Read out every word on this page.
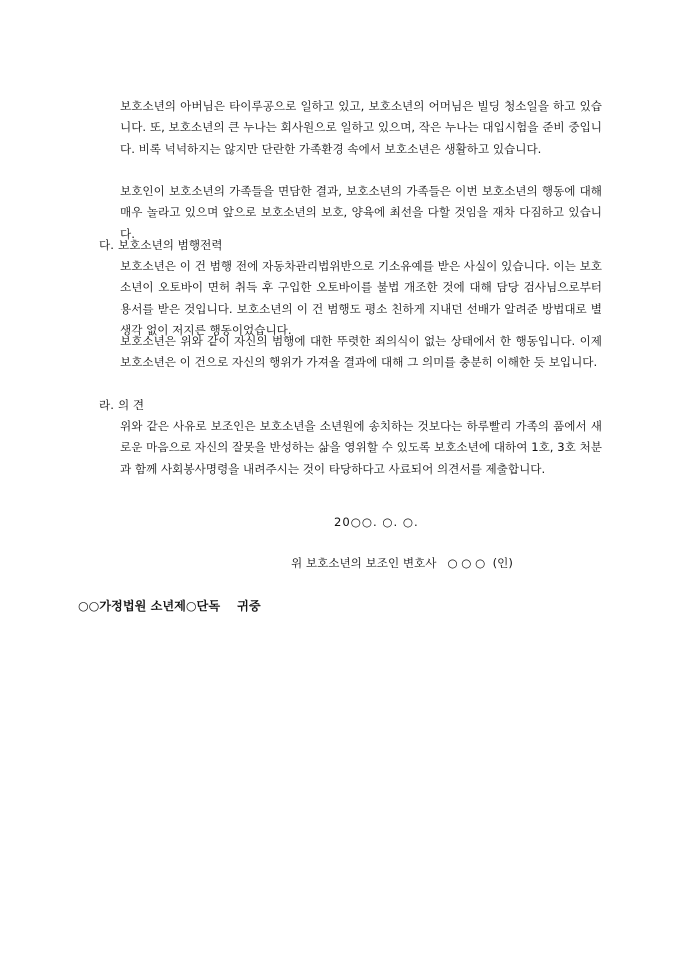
보호소년의 아버님은 타이루공으로 일하고 있고, 보호소년의 어머님은 빌딩 청소일을 하고 있습니다. 또, 보호소년의 큰 누나는 회사원으로 일하고 있으며, 작은 누나는 대입시험을 준비 중입니다. 비록 넉넉하지는 않지만 단란한 가족환경 속에서 보호소년은 생활하고 있습니다.

보호인이 보호소년의 가족들을 면담한 결과, 보호소년의 가족들은 이번 보호소년의 행동에 대해 매우 놀라고 있으며 앞으로 보호소년의 보호, 양육에 최선을 다할 것임을 재차 다짐하고 있습니다.

다. 보호소년의 범행전력

보호소년은 이 건 범행 전에 자동차관리법위반으로 기소유예를 받은 사실이 있습니다. 이는 보호소년이 오토바이 면허 취득 후 구입한 오토바이를 불법 개조한 것에 대해 담당 검사님으로부터 용서를 받은 것입니다. 보호소년의 이 건 범행도 평소 친하게 지내던 선배가 알려준 방법대로 별 생각 없이 저지른 행동이었습니다.

보호소년은 위와 같이 자신의 범행에 대한 뚜렷한 죄의식이 없는 상태에서 한 행동입니다. 이제 보호소년은 이 건으로 자신의 행위가 가져올 결과에 대해 그 의미를 충분히 이해한 듯 보입니다.

라. 의 견

위와 같은 사유로 보조인은 보호소년을 소년원에 송치하는 것보다는 하루빨리 가족의 품에서 새로운 마음으로 자신의 잘못을 반성하는 삶을 영위할 수 있도록 보호소년에 대하여 1호, 3호 처분과 함께 사회봉사명령을 내려주시는 것이 타당하다고 사료되어 의견서를 제출합니다.

20○○. ○. ○.
위 보호소년의 보조인 변호사   ○ ○ ○  (인)
○○가정법원 소년제○단독    귀중
